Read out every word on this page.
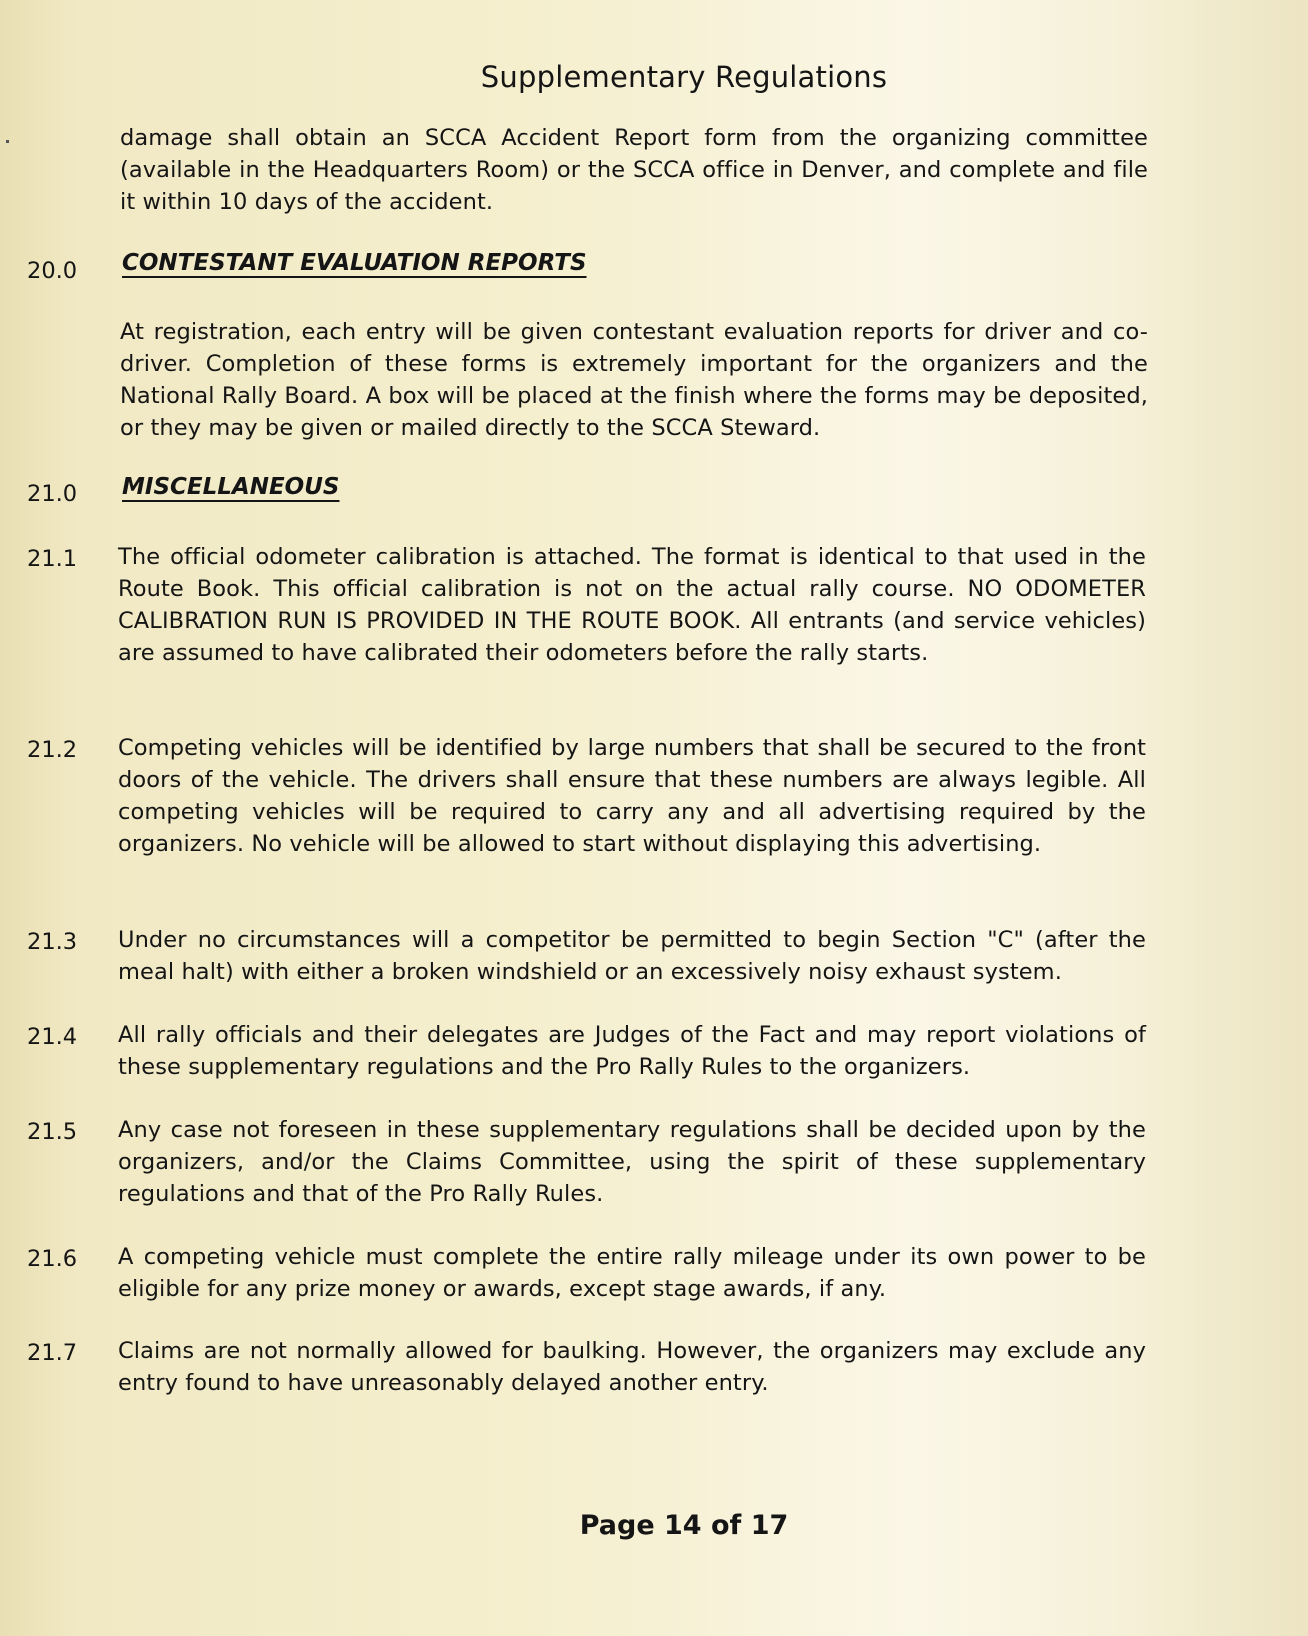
Supplementary Regulations
damage shall obtain an SCCA Accident Report form from the organizing committee (available in the Headquarters Room) or the SCCA office in Denver, and complete and file it within 10 days of the accident.
20.0	CONTESTANT EVALUATION REPORTS
At registration, each entry will be given contestant evaluation reports for driver and co-driver. Completion of these forms is extremely important for the organizers and the National Rally Board. A box will be placed at the finish where the forms may be deposited, or they may be given or mailed directly to the SCCA Steward.
21.0	MISCELLANEOUS
21.1	The official odometer calibration is attached. The format is identical to that used in the Route Book. This official calibration is not on the actual rally course. NO ODOMETER CALIBRATION RUN IS PROVIDED IN THE ROUTE BOOK. All entrants (and service vehicles) are assumed to have calibrated their odometers before the rally starts.
21.2	Competing vehicles will be identified by large numbers that shall be secured to the front doors of the vehicle. The drivers shall ensure that these numbers are always legible. All competing vehicles will be required to carry any and all advertising required by the organizers. No vehicle will be allowed to start without displaying this advertising.
21.3	Under no circumstances will a competitor be permitted to begin Section "C" (after the meal halt) with either a broken windshield or an excessively noisy exhaust system.
21.4	All rally officials and their delegates are Judges of the Fact and may report violations of these supplementary regulations and the Pro Rally Rules to the organizers.
21.5	Any case not foreseen in these supplementary regulations shall be decided upon by the organizers, and/or the Claims Committee, using the spirit of these supplementary regulations and that of the Pro Rally Rules.
21.6	A competing vehicle must complete the entire rally mileage under its own power to be eligible for any prize money or awards, except stage awards, if any.
21.7	Claims are not normally allowed for baulking. However, the organizers may exclude any entry found to have unreasonably delayed another entry.
Page 14 of 17
